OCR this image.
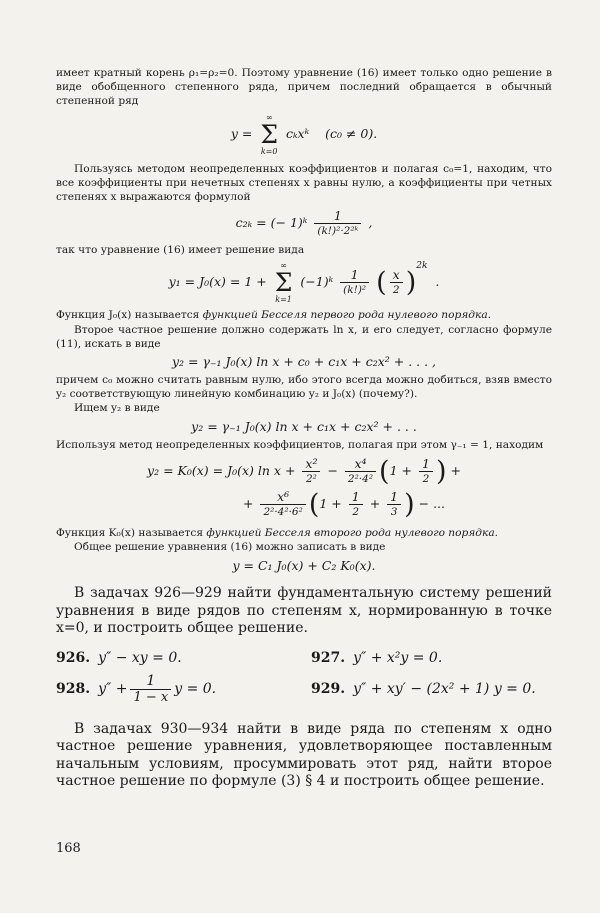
имеет кратный корень ρ₁=ρ₂=0. Поэтому уравнение (16) имеет только одно решение в виде обобщенного степенного ряда, причем последний обращается в обычный степенной ряд

y =
∞
Σ
k=0
cₖxᵏ (c₀ ≠ 0).

Пользуясь методом неопределенных коэффициентов и полагая c₀=1, находим, что все коэффициенты при нечетных степенях x равны нулю, а коэффициенты при четных степенях x выражаются формулой

c₂ₖ = (− 1)ᵏ $\frac{1}{\text{(k!)²·2²ᵏ}}$ ,

так что уравнение (16) имеет решение вида

y₁ = J₀(x) = 1 +
∞
Σ
k=1
(−1)ᵏ $\frac{1}{\text{(k!)²}}$ ( $\frac{x}{2} )^{2k}$  .

Функция J₀(x) называется функцией Бесселя первого рода нулевого порядка.

Второе частное решение должно содержать ln x, и его следует, согласно формуле (11), искать в виде

y₂ = γ₋₁ J₀(x) ln x + c₀ + c₁x + c₂x² + . . . ,

причем c₀ можно считать равным нулю, ибо этого всегда можно добиться, взяв вместо y₂ соответствующую линейную комбинацию y₂ и J₀(x) (почему?).

Ищем y₂ в виде

y₂ = γ₋₁ J₀(x) ln x + c₁x + c₂x² + . . .

Используя метод неопределенных коэффициентов, полагая при этом γ₋₁ = 1, находим

y₂ = K₀(x) = J₀(x) $\ln x + \frac{\text{x²}}{\text{2²}} - \frac{\text{x⁴}}{\text{2²·4²}} (1 + \frac{1}{2}$ ) +
+ $\frac{\text{x⁶}}{\text{2²·4²·6²}} (1 + \frac{1}{2} + \frac{1}{3}$ ) − ...

Функция K₀(x) называется функцией Бесселя второго рода нулевого порядка.

Общее решение уравнения (16) можно записать в виде

y = C₁ J₀(x) + C₂ K₀(x).

В задачах 926—929 найти фундаментальную систему решений уравнения в виде рядов по степеням x, нормированную в точке x=0, и построить общее решение.

926. y″ − xy = 0.	927. y″ + x²y = 0.
928. $y'' + \frac{1}{1 - x}$ y = 0.	929. y″ + xy′ − (2x² + 1) y = 0.

В задачах 930—934 найти в виде ряда по степеням x одно частное решение уравнения, удовлетворяющее поставленным начальным условиям, просуммировать этот ряд, найти второе частное решение по формуле (3) § 4 и построить общее решение.

168
